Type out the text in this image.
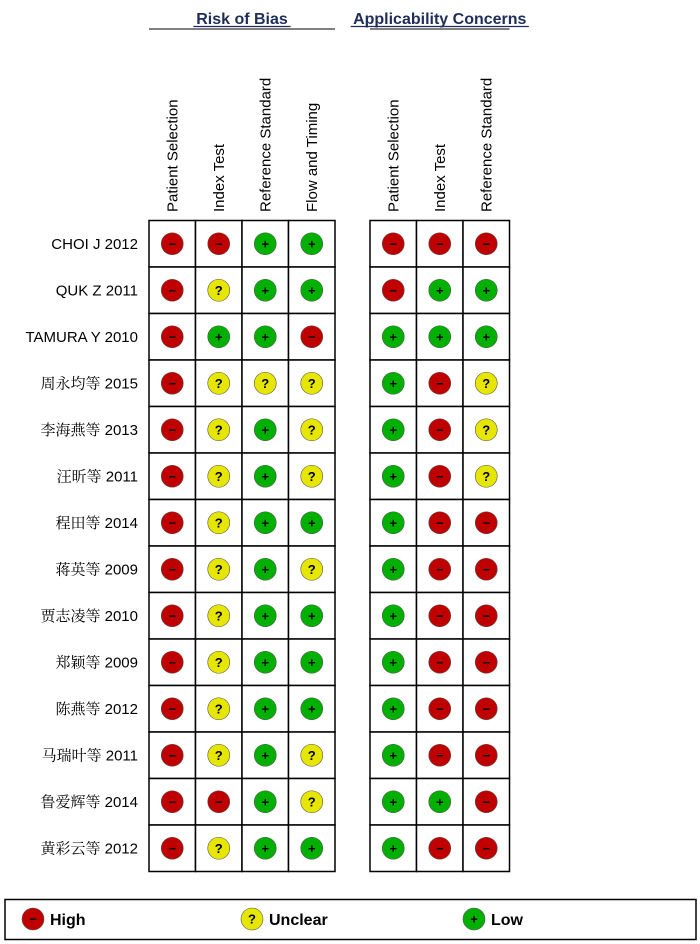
Risk of Bias
Patient Selection Index Test Reference Standard Flow and Timing
Applicability Concerns
Patient Selection Index Test Reference Standard
CHOI J 2012 −	−	+	+	−	−	−
QUK Z 2011 −	?	+	+	−	+	+
TAMURA Y 2010 −	+	+	−	+	+	+
周永均等 2015 −	?	?	?	+	−	?
李海燕等 2013 −	?	+	?	+	−	?
汪昕等 2011 −	?	+	?	+	−	?
程田等 2014 −	?	+	+	+	−	−
蒋英等 2009 −	?	+	?	+	−	−
贾志凌等 2010 −	?	+	+	+	−	−
郑颖等 2009 −	?	+	+	+	−	−
陈燕等 2012 −	?	+	+	+	−	−
马瑞叶等 2011 −	?	+	?	+	−	−
鲁爱辉等 2014 −	−	+	?	+	+	−
黄彩云等 2012 −	?	+	+	+	−	−
− High	? Unclear	+ Low
